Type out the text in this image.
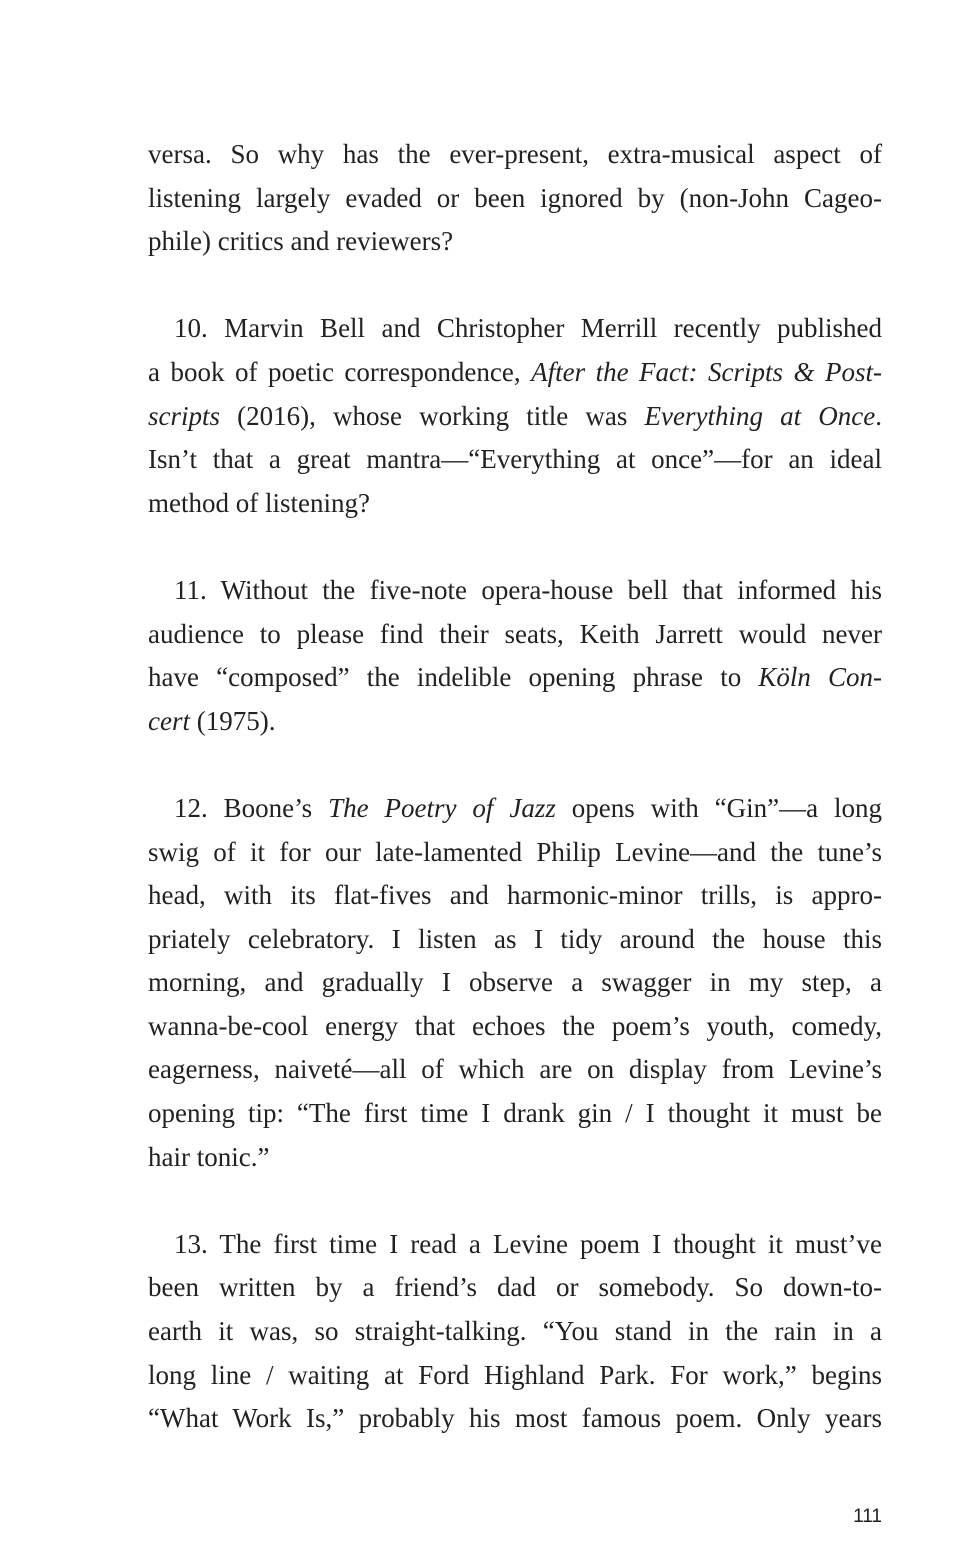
versa. So why has the ever-present, extra-musical aspect of
listening largely evaded or been ignored by (non-John Cageo-
phile) critics and reviewers?
10. Marvin Bell and Christopher Merrill recently published
a book of poetic correspondence, After the Fact: Scripts & Post-
scripts (2016), whose working title was Everything at Once.
Isn’t that a great mantra—“Everything at once”—for an ideal
method of listening?
11. Without the five-note opera-house bell that informed his
audience to please find their seats, Keith Jarrett would never
have “composed” the indelible opening phrase to Köln Con-
cert (1975).
12. Boone’s The Poetry of Jazz opens with “Gin”—a long
swig of it for our late-lamented Philip Levine—and the tune’s
head, with its flat-fives and harmonic-minor trills, is appro-
priately celebratory. I listen as I tidy around the house this
morning, and gradually I observe a swagger in my step, a
wanna-be-cool energy that echoes the poem’s youth, comedy,
eagerness, naiveté—all of which are on display from Levine’s
opening tip: “The first time I drank gin / I thought it must be
hair tonic.”
13. The first time I read a Levine poem I thought it must’ve
been written by a friend’s dad or somebody. So down-to-
earth it was, so straight-talking. “You stand in the rain in a
long line / waiting at Ford Highland Park. For work,” begins
“What Work Is,” probably his most famous poem. Only years
111
